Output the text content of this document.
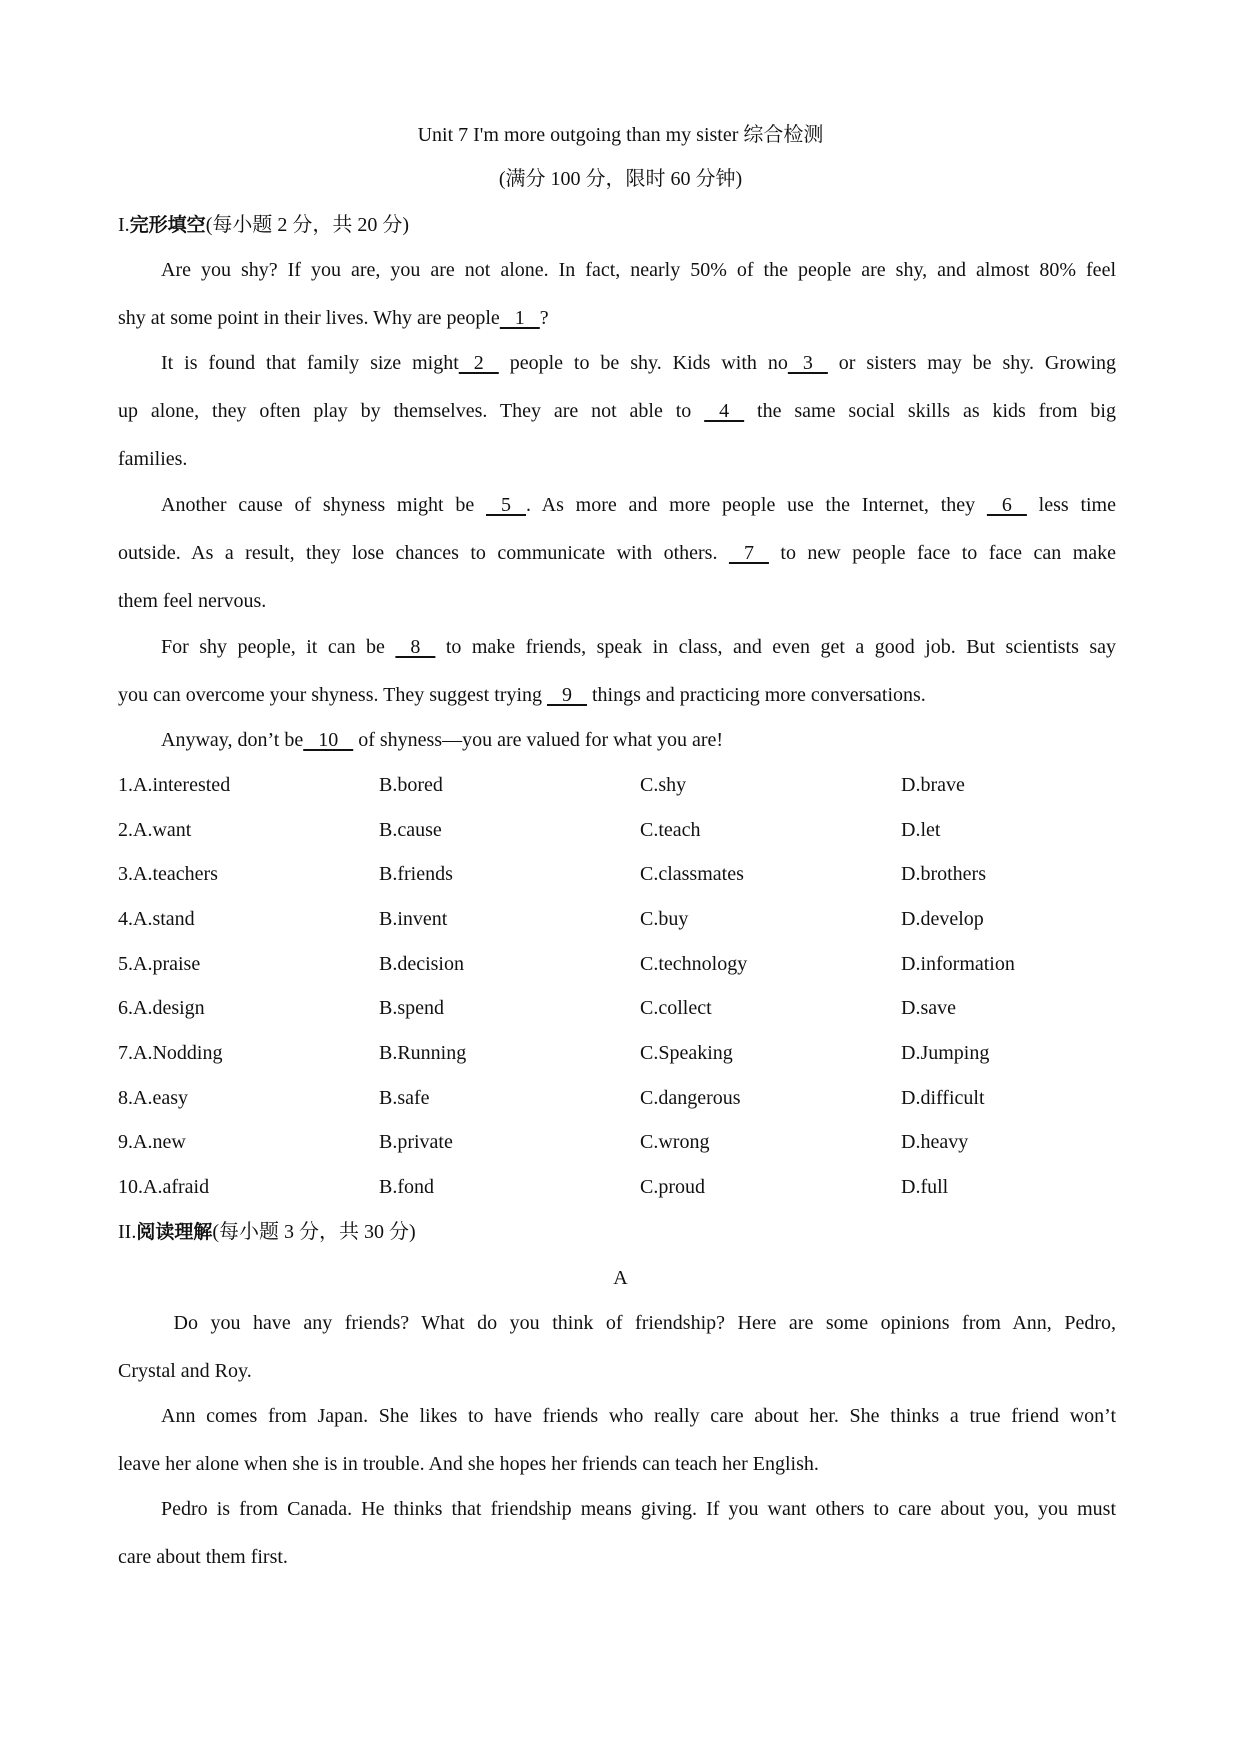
Unit 7 I'm more outgoing than my sister 综合检测
(满分 100 分，限时 60 分钟)
I.完形填空(每小题 2 分，共 20 分)
Are you shy? If you are, you are not alone. In fact, nearly 50% of the people are shy, and almost 80% feel
shy at some point in their lives. Why are people   1   ?
It is found that family size might   2    people to be shy. Kids with no   3    or sisters may be shy. Growing
up alone, they often play by themselves. They are not able to    4    the same social skills as kids from big
families.
Another cause of shyness might be    5   . As more and more people use the Internet, they    6    less time
outside. As a result, they lose chances to communicate with others.    7    to new people face to face can make
them feel nervous.
For shy people, it can be    8    to make friends, speak in class, and even get a good job. But scientists say
you can overcome your shyness. They suggest trying    9    things and practicing more conversations.
Anyway, don’t be   10    of shyness—you are valued for what you are!
1.A.interested	B.bored	C.shy	D.brave
2.A.want	B.cause	C.teach	D.let
3.A.teachers	B.friends	C.classmates	D.brothers
4.A.stand	B.invent	C.buy	D.develop
5.A.praise	B.decision	C.technology	D.information
6.A.design	B.spend	C.collect	D.save
7.A.Nodding	B.Running	C.Speaking	D.Jumping
8.A.easy	B.safe	C.dangerous	D.difficult
9.A.new	B.private	C.wrong	D.heavy
10.A.afraid	B.fond	C.proud	D.full
II.阅读理解(每小题 3 分，共 30 分)
A
Do you have any friends? What do you think of friendship? Here are some opinions from Ann, Pedro,
Crystal and Roy.
Ann comes from Japan. She likes to have friends who really care about her. She thinks a true friend won’t
leave her alone when she is in trouble. And she hopes her friends can teach her English.
Pedro is from Canada. He thinks that friendship means giving. If you want others to care about you, you must
care about them first.
